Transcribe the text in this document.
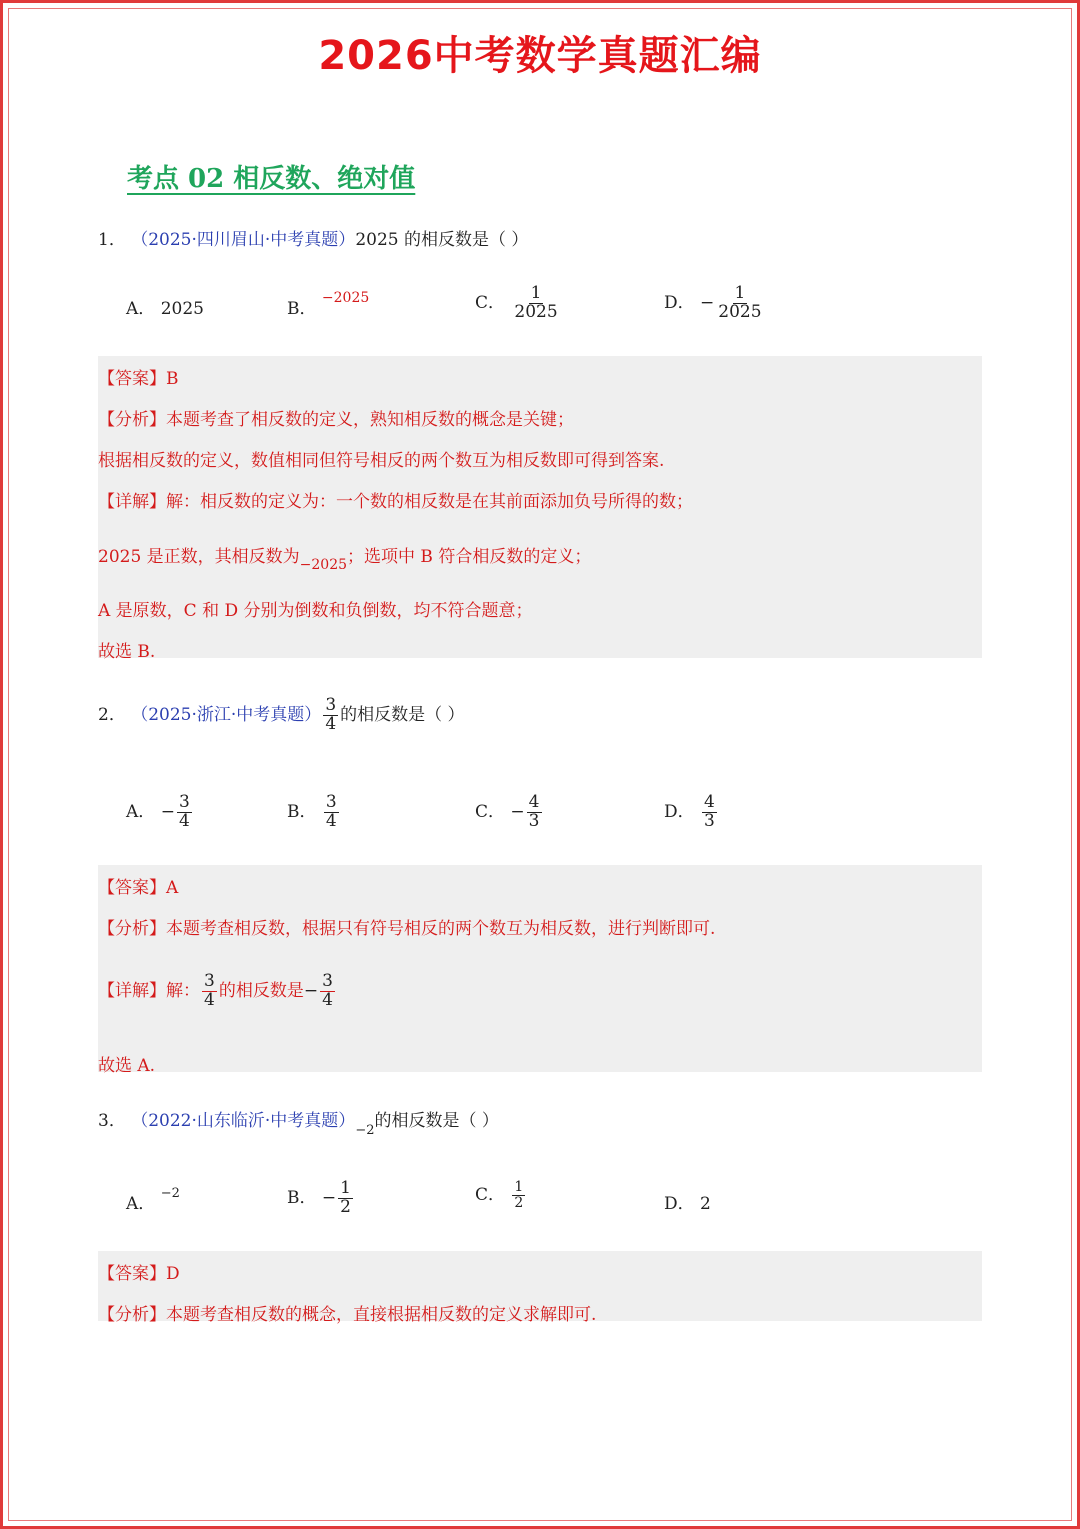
2026中考数学真题汇编
考点 02 相反数、绝对值
1． （2025·四川眉山·中考真题）2025 的相反数是（ ）
A． 2025	B． $^{-2025}$	C． $\frac{1}{2025}$	D． − $\frac{1}{2025}$
【答案】B
【分析】本题考查了相反数的定义，熟知相反数的概念是关键；
根据相反数的定义，数值相同但符号相反的两个数互为相反数即可得到答案.
【详解】解：相反数的定义为：一个数的相反数是在其前面添加负号所得的数；
2025 是正数，其相反数为$_{-2025}$；选项中 B 符合相反数的定义；
A 是原数，C 和 D 分别为倒数和负倒数，均不符合题意；
故选 B.
2． （2025·浙江·中考真题） $\frac{3}{4}$ 的相反数是（ ）
A． − $\frac{3}{4}$	B． $\frac{3}{4}$	C． − $\frac{4}{3}$	D． $\frac{4}{3}$
【答案】A
【分析】本题考查相反数，根据只有符号相反的两个数互为相反数，进行判断即可.
【详解】解： $\frac{3}{4}$ 的相反数是− $\frac{3}{4}$
故选 A.
3． （2022·山东临沂·中考真题）$_{-2}$的相反数是（ ）
A． $^{-2}$	B． − $\frac{1}{2}$	C． $\frac{1}{2}$	D． 2
【答案】D
【分析】本题考查相反数的概念，直接根据相反数的定义求解即可.
